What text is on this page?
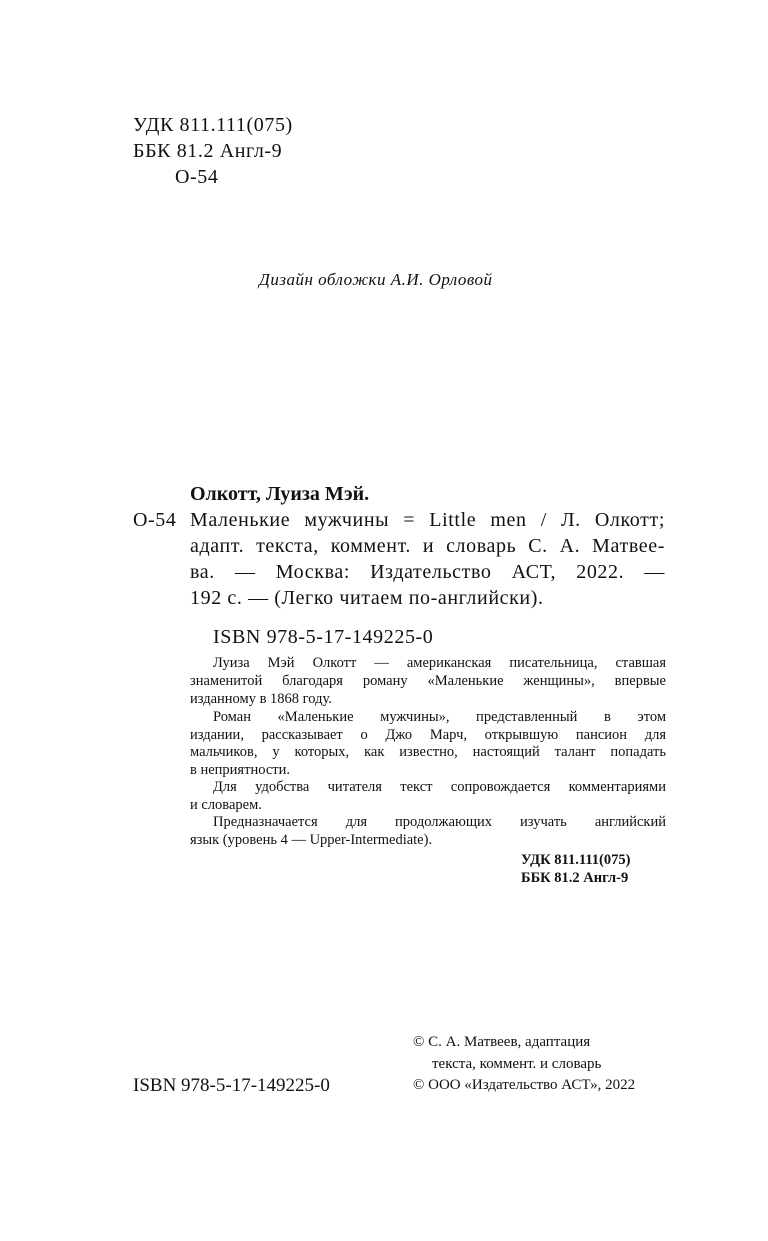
УДК 811.111(075)
ББК 81.2 Англ-9
О-54
Дизайн обложки А.И. Орловой
Олкотт, Луиза Мэй.
О-54 Маленькие мужчины = Little men / Л. Олкотт;
адапт. текста, коммент. и словарь С. А. Матвее-
ва. — Москва: Издательство АСТ, 2022. —
192 с. — (Легко читаем по-английски).
ISBN 978-5-17-149225-0
Луиза Мэй Олкотт — американская писательница, ставшая
знаменитой благодаря роману «Маленькие женщины», впервые
изданному в 1868 году.
Роман «Маленькие мужчины», представленный в этом
издании, рассказывает о Джо Марч, открывшую пансион для
мальчиков, у которых, как известно, настоящий талант попадать
в неприятности.
Для удобства читателя текст сопровождается комментариями
и словарем.
Предназначается для продолжающих изучать английский
язык (уровень 4 — Upper-Intermediate).
УДК 811.111(075)
ББК 81.2 Англ-9
ISBN 978-5-17-149225-0
© С. А. Матвеев, адаптация
текста, коммент. и словарь
© ООО «Издательство АСТ», 2022
